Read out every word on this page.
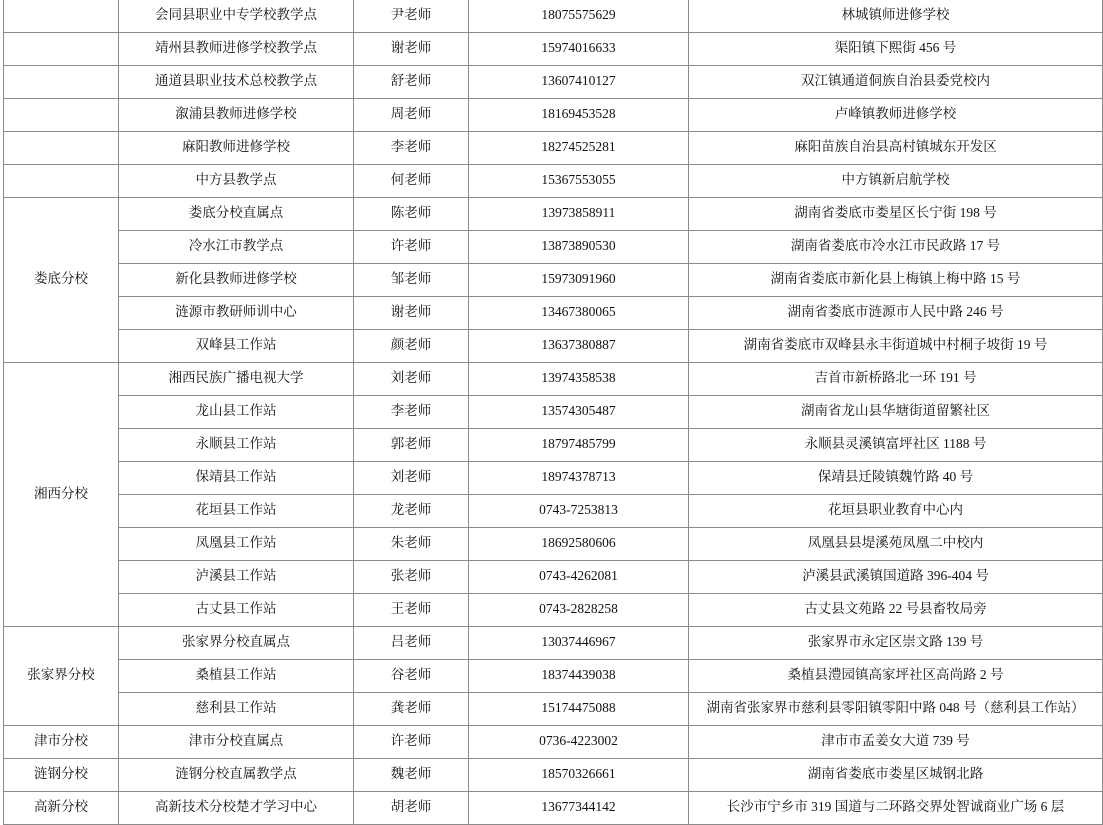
	会同县职业中专学校教学点	尹老师	18075575629	林城镇师进修学校
	靖州县教师进修学校教学点	谢老师	15974016633	渠阳镇下熙街 456 号
	通道县职业技术总校教学点	舒老师	13607410127	双江镇通道侗族自治县委党校内
	溆浦县教师进修学校	周老师	18169453528	卢峰镇教师进修学校
	麻阳教师进修学校	李老师	18274525281	麻阳苗族自治县高村镇城东开发区
	中方县教学点	何老师	15367553055	中方镇新启航学校
娄底分校	娄底分校直属点	陈老师	13973858911	湖南省娄底市娄星区长宁街 198 号
	冷水江市教学点	许老师	13873890530	湖南省娄底市冷水江市民政路 17 号
	新化县教师进修学校	邹老师	15973091960	湖南省娄底市新化县上梅镇上梅中路 15 号
	涟源市教研师训中心	谢老师	13467380065	湖南省娄底市涟源市人民中路 246 号
	双峰县工作站	颜老师	13637380887	湖南省娄底市双峰县永丰街道城中村桐子坡街 19 号
湘西分校	湘西民族广播电视大学	刘老师	13974358538	吉首市新桥路北一环 191 号
	龙山县工作站	李老师	13574305487	湖南省龙山县华塘街道留繁社区
	永顺县工作站	郭老师	18797485799	永顺县灵溪镇富坪社区 1188 号
	保靖县工作站	刘老师	18974378713	保靖县迁陵镇魏竹路 40 号
	花垣县工作站	龙老师	0743-7253813	花垣县职业教育中心内
	凤凰县工作站	朱老师	18692580606	凤凰县县堤溪苑凤凰二中校内
	泸溪县工作站	张老师	0743-4262081	泸溪县武溪镇国道路 396-404 号
	古丈县工作站	王老师	0743-2828258	古丈县文苑路 22 号县畜牧局旁
张家界分校	张家界分校直属点	吕老师	13037446967	张家界市永定区崇文路 139 号
	桑植县工作站	谷老师	18374439038	桑植县澧园镇高家坪社区高尚路 2 号
	慈利县工作站	龚老师	15174475088	湖南省张家界市慈利县零阳镇零阳中路 048 号（慈利县工作站）
津市分校	津市分校直属点	许老师	0736-4223002	津市市孟姜女大道 739 号
涟钢分校	涟钢分校直属教学点	魏老师	18570326661	湖南省娄底市娄星区城钢北路
高新分校	高新技术分校楚才学习中心	胡老师	13677344142	长沙市宁乡市 319 国道与二环路交界处智诚商业广场 6 层
